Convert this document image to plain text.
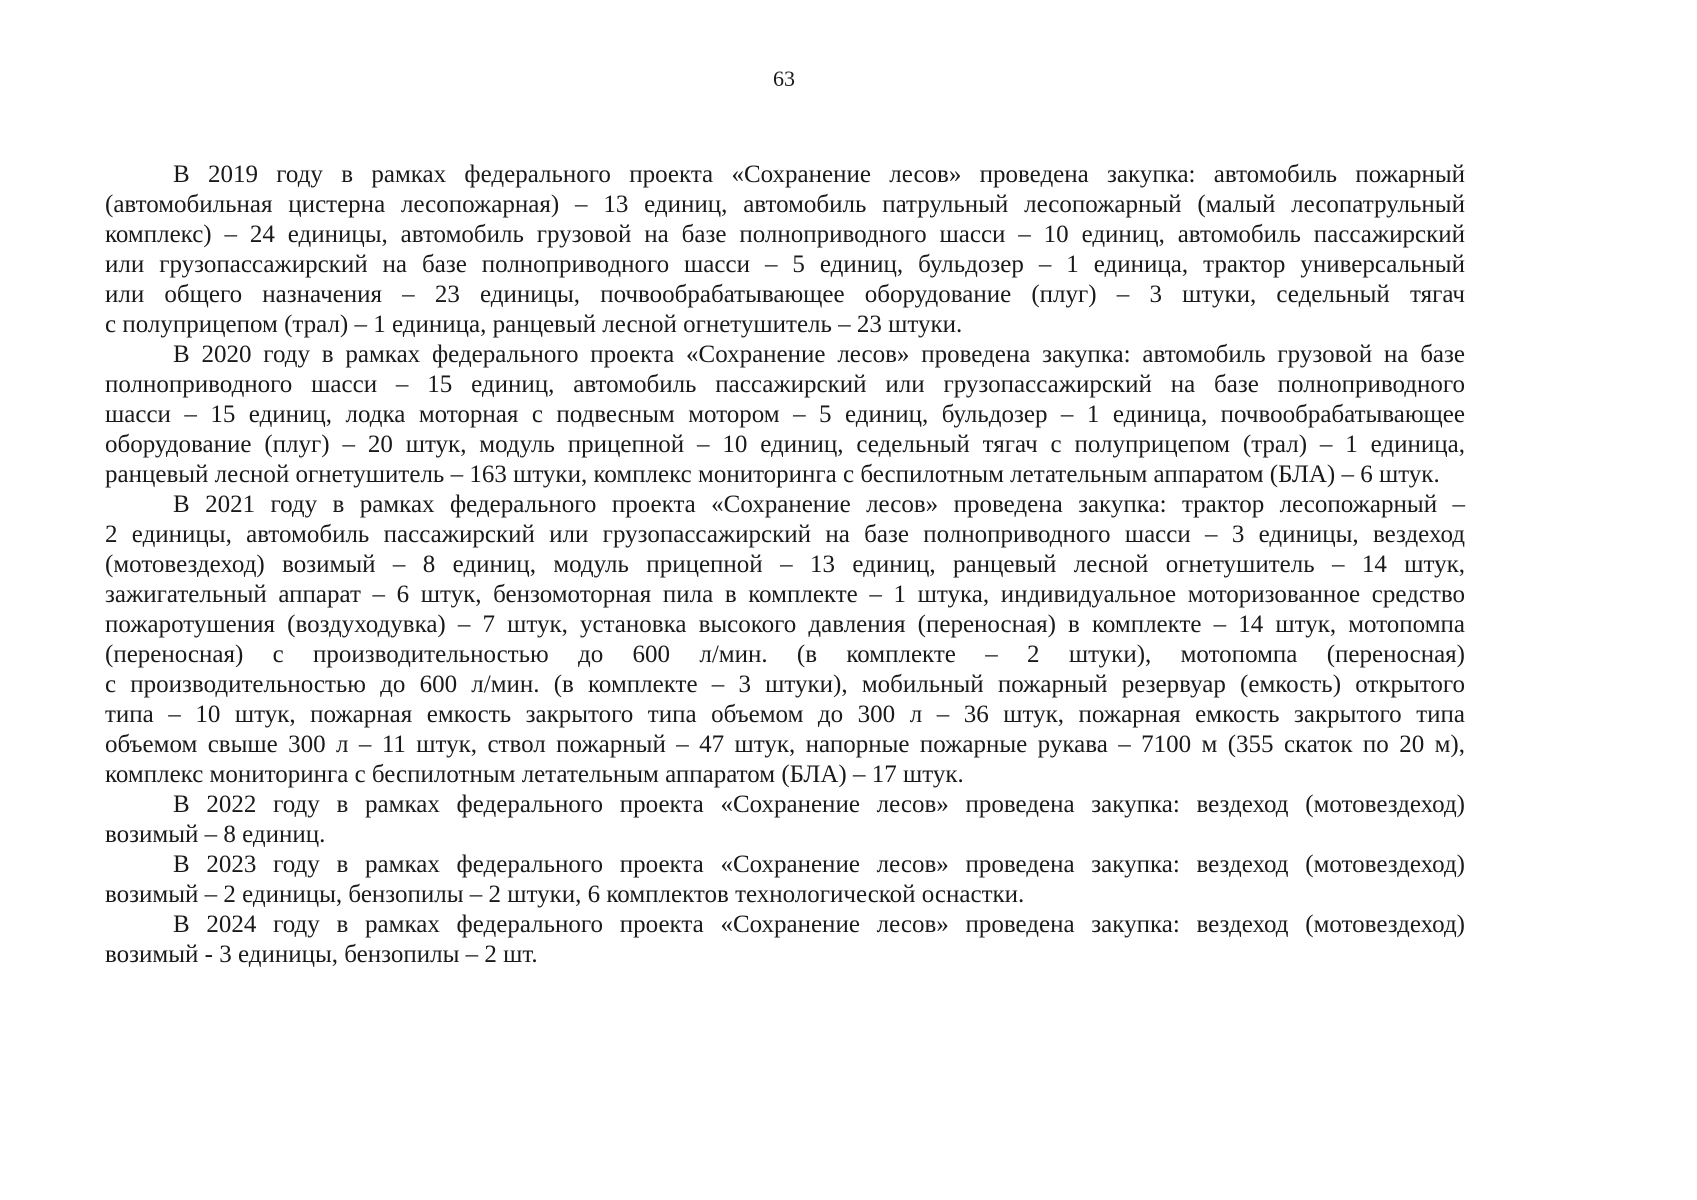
63
В 2019 году в рамках федерального проекта «Сохранение лесов» проведена закупка: автомобиль пожарный
(автомобильная цистерна лесопожарная) – 13 единиц, автомобиль патрульный лесопожарный (малый лесопатрульный
комплекс) – 24 единицы, автомобиль грузовой на базе полноприводного шасси – 10 единиц, автомобиль пассажирский
или грузопассажирский на базе полноприводного шасси – 5 единиц, бульдозер – 1 единица, трактор универсальный
или общего назначения – 23 единицы, почвообрабатывающее оборудование (плуг) – 3 штуки, седельный тягач
с полуприцепом (трал) – 1 единица, ранцевый лесной огнетушитель – 23 штуки.
В 2020 году в рамках федерального проекта «Сохранение лесов» проведена закупка: автомобиль грузовой на базе
полноприводного шасси – 15 единиц, автомобиль пассажирский или грузопассажирский на базе полноприводного
шасси – 15 единиц, лодка моторная с подвесным мотором – 5 единиц, бульдозер – 1 единица, почвообрабатывающее
оборудование (плуг) – 20 штук, модуль прицепной – 10 единиц, седельный тягач с полуприцепом (трал) – 1 единица,
ранцевый лесной огнетушитель – 163 штуки, комплекс мониторинга с беспилотным летательным аппаратом (БЛА) – 6 штук.
В 2021 году в рамках федерального проекта «Сохранение лесов» проведена закупка: трактор лесопожарный –
2 единицы, автомобиль пассажирский или грузопассажирский на базе полноприводного шасси – 3 единицы, вездеход
(мотовездеход) возимый – 8 единиц, модуль прицепной – 13 единиц, ранцевый лесной огнетушитель – 14 штук,
зажигательный аппарат – 6 штук, бензомоторная пила в комплекте – 1 штука, индивидуальное моторизованное средство
пожаротушения (воздуходувка) – 7 штук, установка высокого давления (переносная) в комплекте – 14 штук, мотопомпа
(переносная) с производительностью до 600 л/мин. (в комплекте – 2 штуки), мотопомпа (переносная)
с производительностью до 600 л/мин. (в комплекте – 3 штуки), мобильный пожарный резервуар (емкость) открытого
типа – 10 штук, пожарная емкость закрытого типа объемом до 300 л – 36 штук, пожарная емкость закрытого типа
объемом свыше 300 л – 11 штук, ствол пожарный – 47 штук, напорные пожарные рукава – 7100 м (355 скаток по 20 м),
комплекс мониторинга с беспилотным летательным аппаратом (БЛА) – 17 штук.
В 2022 году в рамках федерального проекта «Сохранение лесов» проведена закупка: вездеход (мотовездеход)
возимый – 8 единиц.
В 2023 году в рамках федерального проекта «Сохранение лесов» проведена закупка: вездеход (мотовездеход)
возимый – 2 единицы, бензопилы – 2 штуки, 6 комплектов технологической оснастки.
В 2024 году в рамках федерального проекта «Сохранение лесов» проведена закупка: вездеход (мотовездеход)
возимый - 3 единицы, бензопилы – 2 шт.
